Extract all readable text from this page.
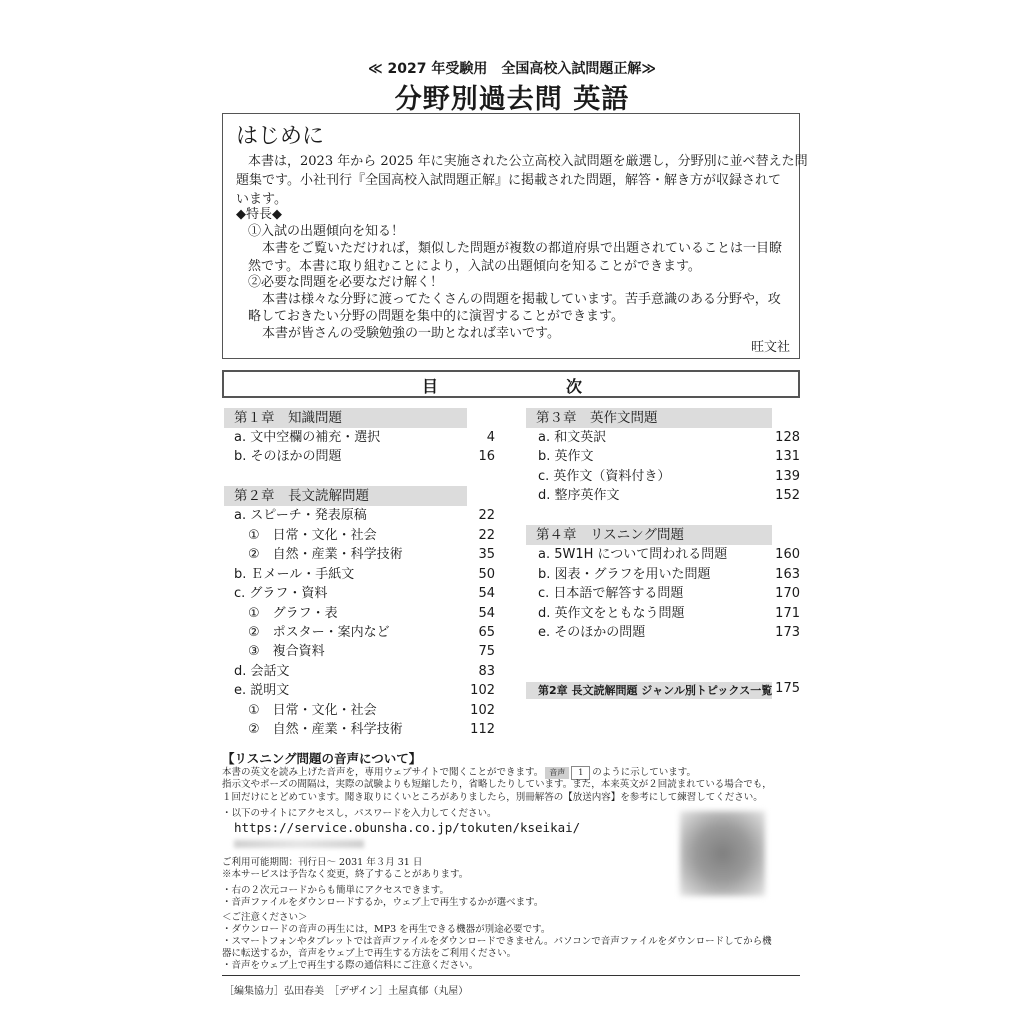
≪ 2027 年受験用　全国高校入試問題正解≫
分野別過去問 英語
はじめに
本書は，2023 年から 2025 年に実施された公立高校入試問題を厳選し，分野別に並べ替えた問
題集です。小社刊行『全国高校入試問題正解』に掲載された問題，解答・解き方が収録されて
います。
◆特長◆
①入試の出題傾向を知る！
本書をご覧いただければ，類似した問題が複数の都道府県で出題されていることは一目瞭
然です。本書に取り組むことにより，入試の出題傾向を知ることができます。
②必要な問題を必要なだけ解く！
本書は様々な分野に渡ってたくさんの問題を掲載しています。苦手意識のある分野や，攻
略しておきたい分野の問題を集中的に演習することができます。
本書が皆さんの受験勉強の一助となれば幸いです。
旺文社
目	次
第１章　知識問題
a. 文中空欄の補充・選択	4
b. そのほかの問題	16
第２章　長文読解問題
a. スピーチ・発表原稿	22
①　日常・文化・社会	22
②　自然・産業・科学技術	35
b. Ｅメール・手紙文	50
c. グラフ・資料	54
①　グラフ・表	54
②　ポスター・案内など	65
③　複合資料	75
d. 会話文	83
e. 説明文	102
①　日常・文化・社会	102
②　自然・産業・科学技術	112
第３章　英作文問題
a. 和文英訳	128
b. 英作文	131
c. 英作文（資料付き）	139
d. 整序英作文	152
第４章　リスニング問題
a. 5W1H について問われる問題	160
b. 図表・グラフを用いた問題	163
c. 日本語で解答する問題	170
d. 英作文をともなう問題	171
e. そのほかの問題	173
第2章 長文読解問題 ジャンル別トピックス一覧 175
【リスニング問題の音声について】
本書の英文を読み上げた音声を，専用ウェブサイトで聞くことができます。 音声 1 のように示しています。
指示文やポーズの間隔は，実際の試験よりも短縮したり，省略したりしています。また，本来英文が２回読まれている場合でも，
１回だけにとどめています。聞き取りにくいところがありましたら，別冊解答の【放送内容】を参考にして練習してください。
・以下のサイトにアクセスし，パスワードを入力してください。
https://service.obunsha.co.jp/tokuten/kseikai/
ご利用可能期間：刊行日～ 2031 年３月 31 日
※本サービスは予告なく変更，終了することがあります。
・右の２次元コードからも簡単にアクセスできます。
・音声ファイルをダウンロードするか，ウェブ上で再生するかが選べます。
＜ご注意ください＞
・ダウンロードの音声の再生には，MP3 を再生できる機器が別途必要です。
・スマートフォンやタブレットでは音声ファイルをダウンロードできません。パソコンで音声ファイルをダウンロードしてから機
器に転送するか，音声をウェブ上で再生する方法をご利用ください。
・音声をウェブ上で再生する際の通信料にご注意ください。
［編集協力］弘田春美　［デザイン］土屋真郁（丸屋）
